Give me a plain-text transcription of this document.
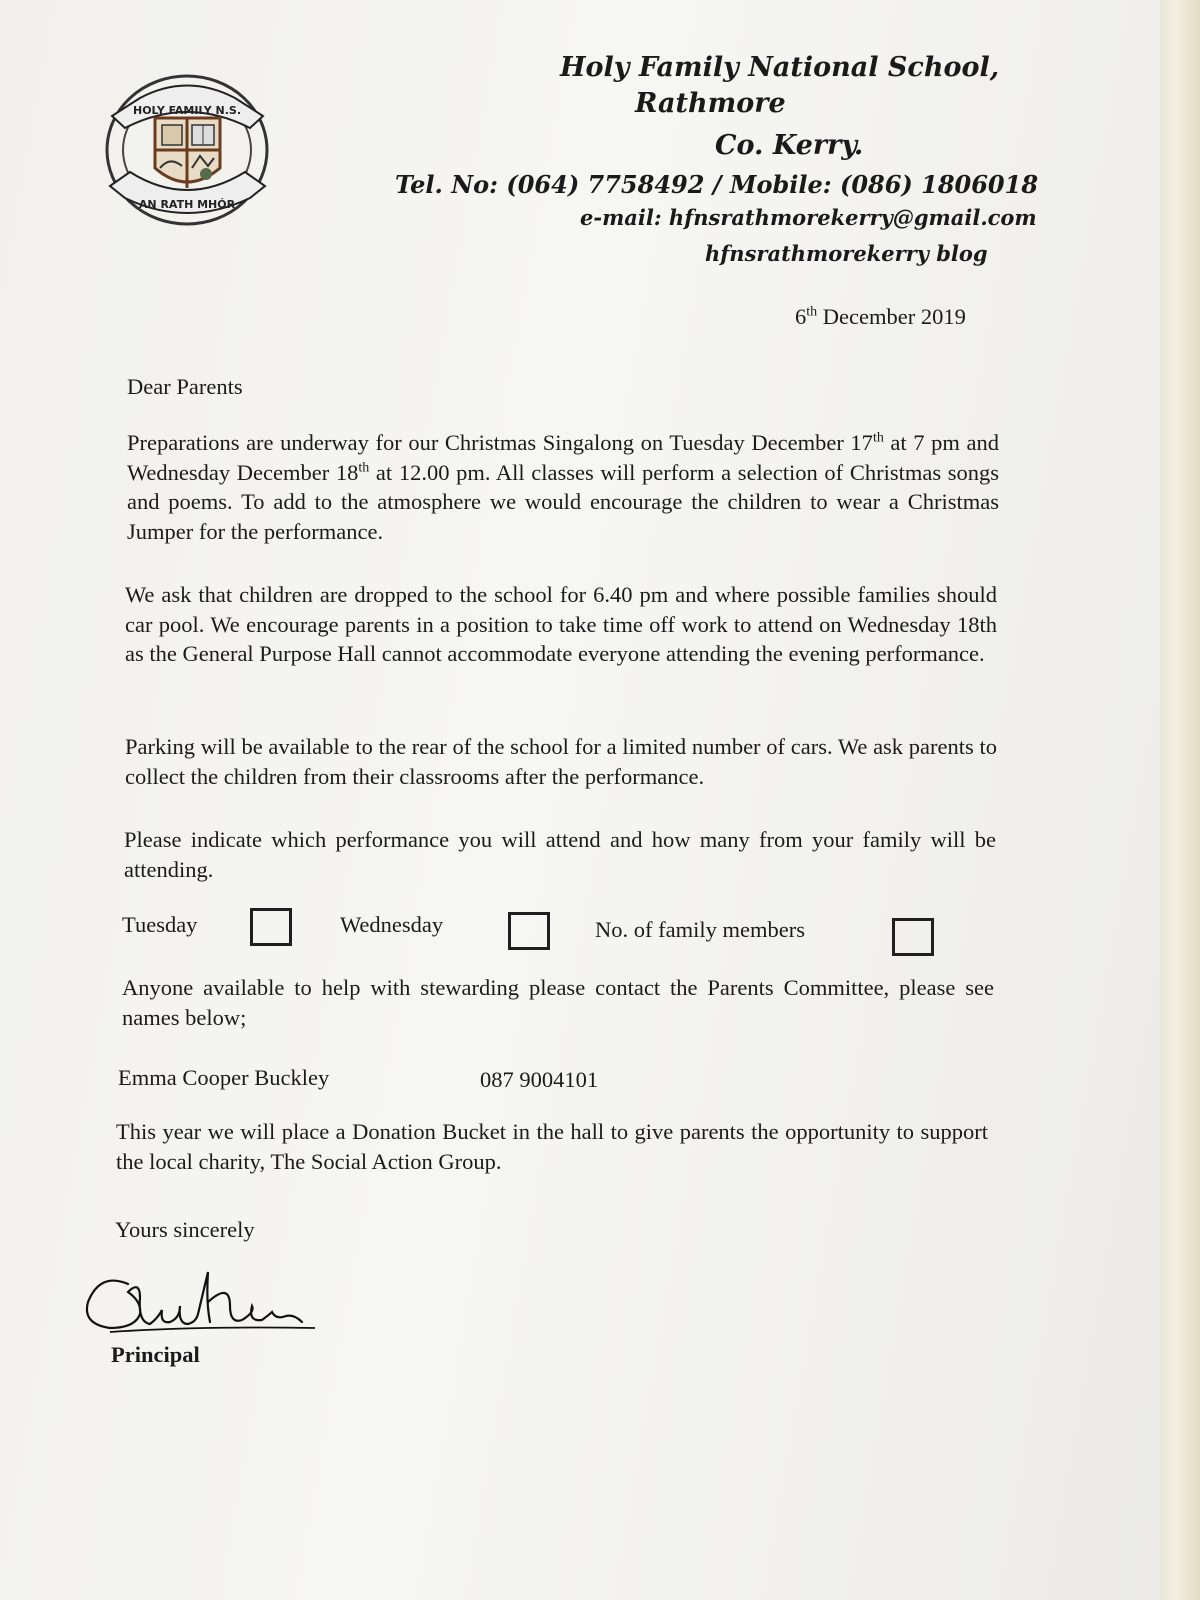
HOLY FAMILY N.S.
AN RATH MHÓR
Holy Family National School,
Rathmore
Co. Kerry.
Tel. No: (064) 7758492 / Mobile: (086) 1806018
e-mail: hfnsrathmorekerry@gmail.com
hfnsrathmorekerry blog
6th December 2019
Dear Parents
Preparations are underway for our Christmas Singalong on Tuesday December 17th at 7 pm and Wednesday December 18th at 12.00 pm. All classes will perform a selection of Christmas songs and poems. To add to the atmosphere we would encourage the children to wear a Christmas Jumper for the performance.
We ask that children are dropped to the school for 6.40 pm and where possible families should car pool. We encourage parents in a position to take time off work to attend on Wednesday 18th as the General Purpose Hall cannot accommodate everyone attending the evening performance.
Parking will be available to the rear of the school for a limited number of cars. We ask parents to collect the children from their classrooms after the performance.
Please indicate which performance you will attend and how many from your family will be attending.
Tuesday	Wednesday	No. of family members
Anyone available to help with stewarding please contact the Parents Committee, please see names below;
Emma Cooper Buckley	087 9004101
This year we will place a Donation Bucket in the hall to give parents the opportunity to support the local charity, The Social Action Group.
Yours sincerely
Principal
